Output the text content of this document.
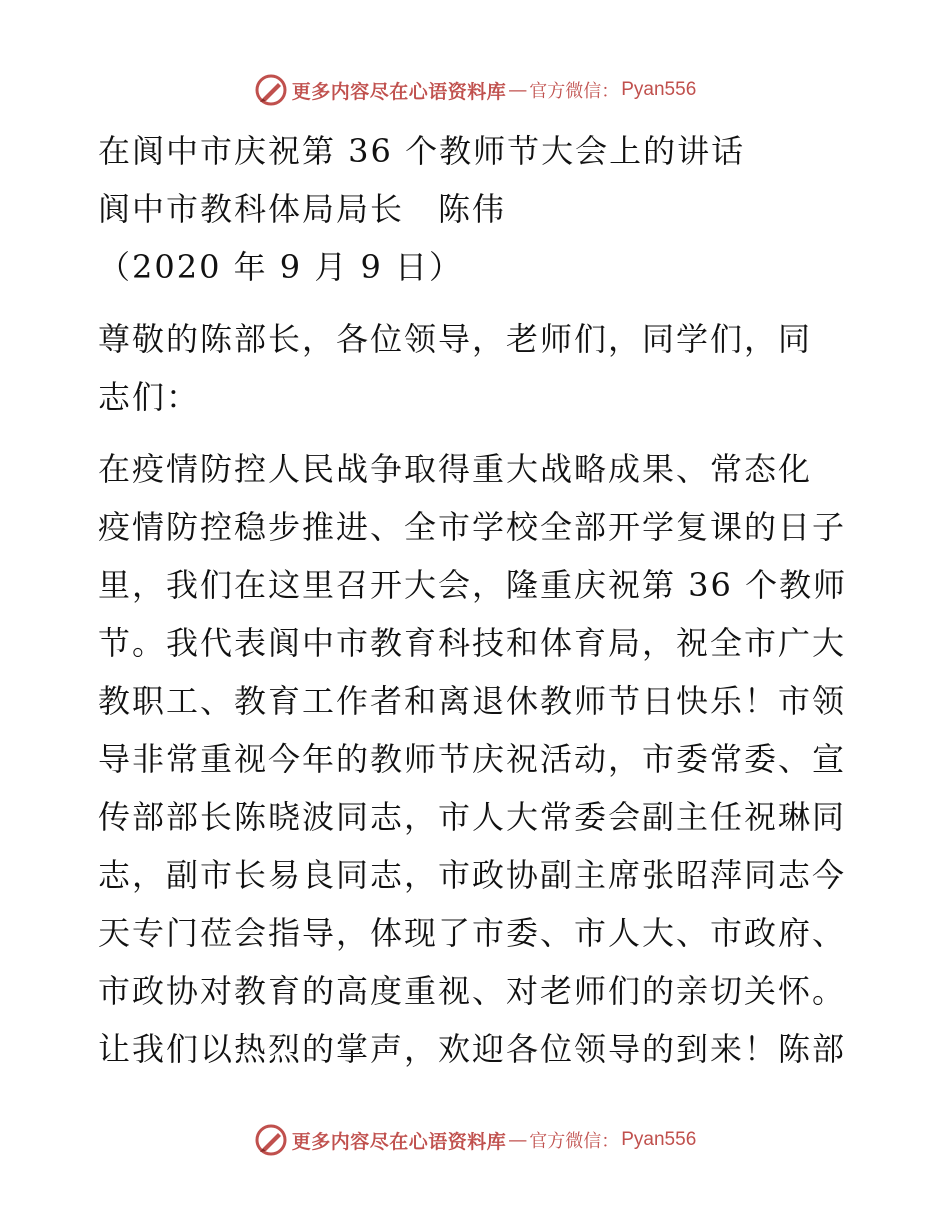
更多内容尽在心语资料库 — 官方微信： Pyan556
在阆中市庆祝第 36 个教师节大会上的讲话
阆中市教科体局局长　陈伟
（2020 年 9 月 9 日）
尊敬的陈部长，各位领导，老师们，同学们，同
志们：
在疫情防控人民战争取得重大战略成果、常态化
疫情防控稳步推进、全市学校全部开学复课的日子
里，我们在这里召开大会，隆重庆祝第 36 个教师
节。我代表阆中市教育科技和体育局，祝全市广大
教职工、教育工作者和离退休教师节日快乐！市领
导非常重视今年的教师节庆祝活动，市委常委、宣
传部部长陈晓波同志，市人大常委会副主任祝琳同
志，副市长易良同志，市政协副主席张昭萍同志今
天专门莅会指导，体现了市委、市人大、市政府、
市政协对教育的高度重视、对老师们的亲切关怀。
让我们以热烈的掌声，欢迎各位领导的到来！陈部
更多内容尽在心语资料库 — 官方微信： Pyan556
